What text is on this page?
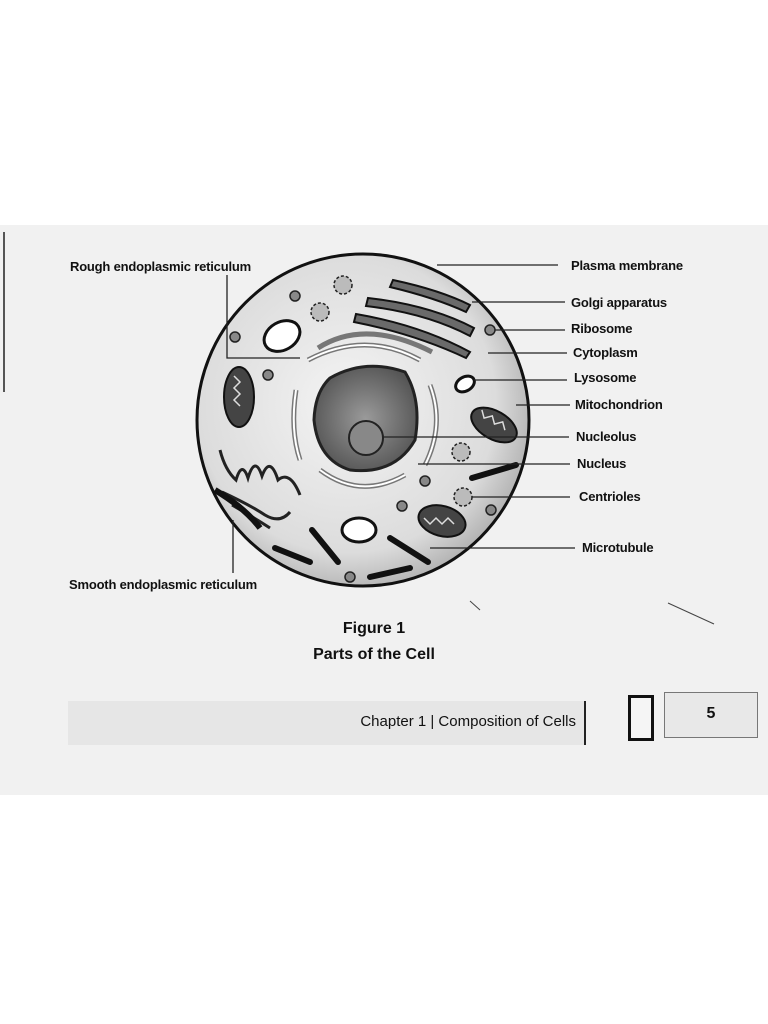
Rough endoplasmic reticulum
Smooth endoplasmic reticulum
Plasma membrane
Golgi apparatus
Ribosome
Cytoplasm
Lysosome
Mitochondrion
Nucleolus
Nucleus
Centrioles
Microtubule
Figure 1
Parts of the Cell
Chapter 1 | Composition of Cells	5
